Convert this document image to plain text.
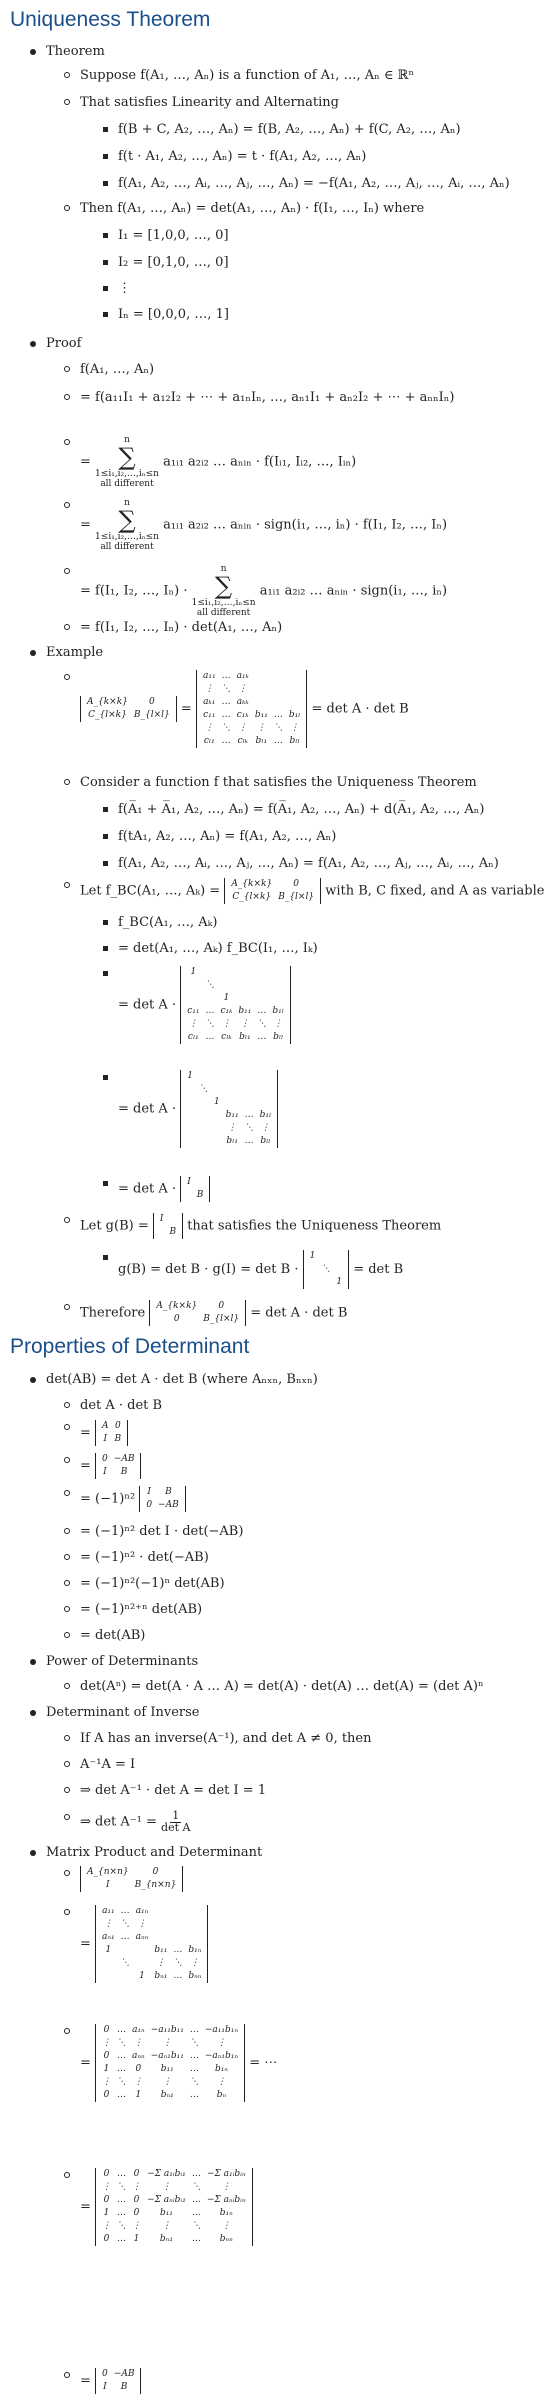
Uniqueness Theorem
Theorem
Suppose f(A₁, …, Aₙ) is a function of A₁, …, Aₙ ∈ ℝⁿ
That satisfies Linearity and Alternating
f(B + C, A₂, …, Aₙ) = f(B, A₂, …, Aₙ) + f(C, A₂, …, Aₙ)
f(t · A₁, A₂, …, Aₙ) = t · f(A₁, A₂, …, Aₙ)
f(A₁, A₂, …, Aᵢ, …, Aⱼ, …, Aₙ) = −f(A₁, A₂, …, Aⱼ, …, Aᵢ, …, Aₙ)
Then f(A₁, …, Aₙ) = det(A₁, …, Aₙ) · f(I₁, …, Iₙ) where
I₁ = [1,0,0, …, 0]
I₂ = [0,1,0, …, 0]
⋮
Iₙ = [0,0,0, …, 1]
Proof
f(A₁, …, Aₙ)
= f(a₁₁I₁ + a₁₂I₂ + ⋯ + a₁ₙIₙ, …, aₙ₁I₁ + aₙ₂I₂ + ⋯ + aₙₙIₙ)
= n
∑
1≤i₁,i₂,…,iₙ≤n
all different a₁ᵢ₁ a₂ᵢ₂ … aₙᵢₙ · f(Iᵢ₁, Iᵢ₂, …, Iᵢₙ)
= n
∑
1≤i₁,i₂,…,iₙ≤n
all different a₁ᵢ₁ a₂ᵢ₂ … aₙᵢₙ · sign(i₁, …, iₙ) · f(I₁, I₂, …, Iₙ)
= f(I₁, I₂, …, Iₙ) · n
∑
1≤i₁,i₂,…,iₙ≤n
all different a₁ᵢ₁ a₂ᵢ₂ … aₙᵢₙ · sign(i₁, …, iₙ)
= f(I₁, I₂, …, Iₙ) · det(A₁, …, Aₙ)
Example
A_{k×k}	0
C_{l×k}	B_{l×l} =
a₁₁	…	a₁ₖ			
⋮	⋱	⋮			
aₖ₁	…	aₖₖ			
c₁₁	…	c₁ₖ	b₁₁	…	b₁ₗ
⋮	⋱	⋮	⋮	⋱	⋮
cₗ₁	…	cₗₖ	bₗ₁	…	bₗₗ
= det A · det B
Consider a function f that satisfies the Uniqueness Theorem
f(A̅₁ + A̅₁, A₂, …, Aₙ) = f(A̅₁, A₂, …, Aₙ) + d(A̅₁, A₂, …, Aₙ)
f(tA₁, A₂, …, Aₙ) = f(A₁, A₂, …, Aₙ)
f(A₁, A₂, …, Aᵢ, …, Aⱼ, …, Aₙ) = f(A₁, A₂, …, Aⱼ, …, Aᵢ, …, Aₙ)
Let f_BC(A₁, …, Aₖ) = A_{k×k}	0
C_{l×k}	B_{l×l} with B, C fixed, and A as variable
f_BC(A₁, …, Aₖ)
= det(A₁, …, Aₖ) f_BC(I₁, …, Iₖ)
= det A ·
1					
	⋱				
		1			
c₁₁	…	c₁ₖ	b₁₁	…	b₁ₗ
⋮	⋱	⋮	⋮	⋱	⋮
cₗ₁	…	cₗₖ	bₗ₁	…	bₗₗ
= det A ·
1					
	⋱				
		1			
			b₁₁	…	b₁ₗ
			⋮	⋱	⋮
			bₗ₁	…	bₗₗ
= det A · I	
	B
Let g(B) = I	
	B that satisfies the Uniqueness Theorem
g(B) = det B · g(I) = det B ·
1		
	⋱	
		1
= det B
Therefore A_{k×k}	0
0	B_{l×l} = det A · det B
Properties of Determinant
det(AB) = det A · det B (where Aₙₓₙ, Bₙₓₙ)
det A · det B
= A	0
I	B
= 0	−AB
I	B
= (−1)ⁿ² I	B
0	−AB
= (−1)ⁿ² det I · det(−AB)
= (−1)ⁿ² · det(−AB)
= (−1)ⁿ²(−1)ⁿ det(AB)
= (−1)ⁿ²⁺ⁿ det(AB)
= det(AB)
Power of Determinants
det(Aⁿ) = det(A · A … A) = det(A) · det(A) … det(A) = (det A)ⁿ
Determinant of Inverse
If A has an inverse(A⁻¹), and det A ≠ 0, then
A⁻¹A = I
⇒ det A⁻¹ · det A = det I = 1
⇒ $\det A^{-1} = \frac{1}{\text{det A}}$
Matrix Product and Determinant
A_{n×n}	0
I	B_{n×n}
=
a₁₁	…	a₁ₙ			
⋮	⋱	⋮			
aₙ₁	…	aₙₙ			
1			b₁₁	…	b₁ₙ
	⋱		⋮	⋱	⋮
		1	bₙ₁	…	bₙₙ
=
0	…	a₁ₙ	−a₁₁b₁₁	…	−a₁₁b₁ₙ
⋮	⋱	⋮	⋮	⋱	⋮
0	…	aₙₙ	−aₙ₁b₁₁	…	−aₙ₁b₁ₙ
1	…	0	b₁₁	…	b₁ₙ
⋮	⋱	⋮	⋮	⋱	⋮
0	…	1	bₙ₁	…	bₙ
= ⋯
=
0	…	0	−Σ a₁ᵢbᵢ₁	…	−Σ a₁ᵢbᵢₙ
⋮	⋱	⋮	⋮	⋱	⋮
0	…	0	−Σ aₙᵢbᵢ₁	…	−Σ aₙᵢbᵢₙ
1	…	0	b₁₁	…	b₁ₙ
⋮	⋱	⋮	⋮	⋱	⋮
0	…	1	bₙ₁	…	bₙₙ
= 0	−AB
I	B
